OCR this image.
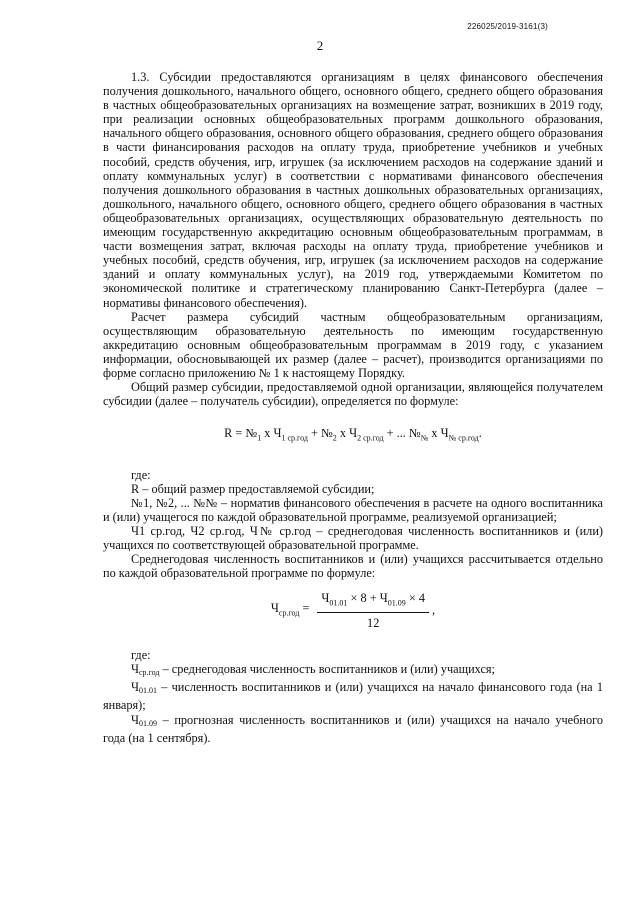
226025/2019-3161(3)
2

1.3. Субсидии предоставляются организациям в целях финансового обеспечения получения дошкольного, начального общего, основного общего, среднего общего образования в частных общеобразовательных организациях на возмещение затрат, возникших в 2019 году, при реализации основных общеобразовательных программ дошкольного образования, начального общего образования, основного общего образования, среднего общего образования в части финансирования расходов на оплату труда, приобретение учебников и учебных пособий, средств обучения, игр, игрушек (за исключением расходов на содержание зданий и оплату коммунальных услуг) в соответствии с нормативами финансового обеспечения получения дошкольного образования в частных дошкольных образовательных организациях, дошкольного, начального общего, основного общего, среднего общего образования в частных общеобразовательных организациях, осуществляющих образовательную деятельность по имеющим государственную аккредитацию основным общеобразовательным программам, в части возмещения затрат, включая расходы на оплату труда, приобретение учебников и учебных пособий, средств обучения, игр, игрушек (за исключением расходов на содержание зданий и оплату коммунальных услуг), на 2019 год, утверждаемыми Комитетом по экономической политике и стратегическому планированию Санкт-Петербурга (далее – нормативы финансового обеспечения).

Расчет размера субсидий частным общеобразовательным организациям, осуществляющим образовательную деятельность по имеющим государственную аккредитацию основным общеобразовательным программам в 2019 году, с указанием информации, обосновывающей их размер (далее – расчет), производится организациями по форме согласно приложению № 1 к настоящему Порядку.

Общий размер субсидии, предоставляемой одной организации, являющейся получателем субсидии (далее – получатель субсидии), определяется по формуле:

$R = №_1$ x $Ч_{1 ср.год}$ + $№_2$ x $Ч_{2 ср.год}$ + ... $№_№$ x $Ч_{№ ср.год}$.

где:

R – общий размер предоставляемой субсидии;

№1, №2, ... №№ – норматив финансового обеспечения в расчете на одного воспитанника и (или) учащегося по каждой образовательной программе, реализуемой организацией;

Ч1 ср.год, Ч2 ср.год, Ч№ ср.год – среднегодовая численность воспитанников и (или) учащихся по соответствующей образовательной программе.

Среднегодовая численность воспитанников и (или) учащихся рассчитывается отдельно по каждой образовательной программе по формуле:

$Ч_{ср.год} = \frac{Ч_{01.01} \times 8 + Ч_{01.09} \times 4}{12}$ ,

где:

$Ч_{ср.год}$ – среднегодовая численность воспитанников и (или) учащихся;

$Ч_{01.01}$ – численность воспитанников и (или) учащихся на начало финансового года (на 1 января);

$Ч_{01.09}$ – прогнозная численность воспитанников и (или) учащихся на начало учебного года (на 1 сентября).
